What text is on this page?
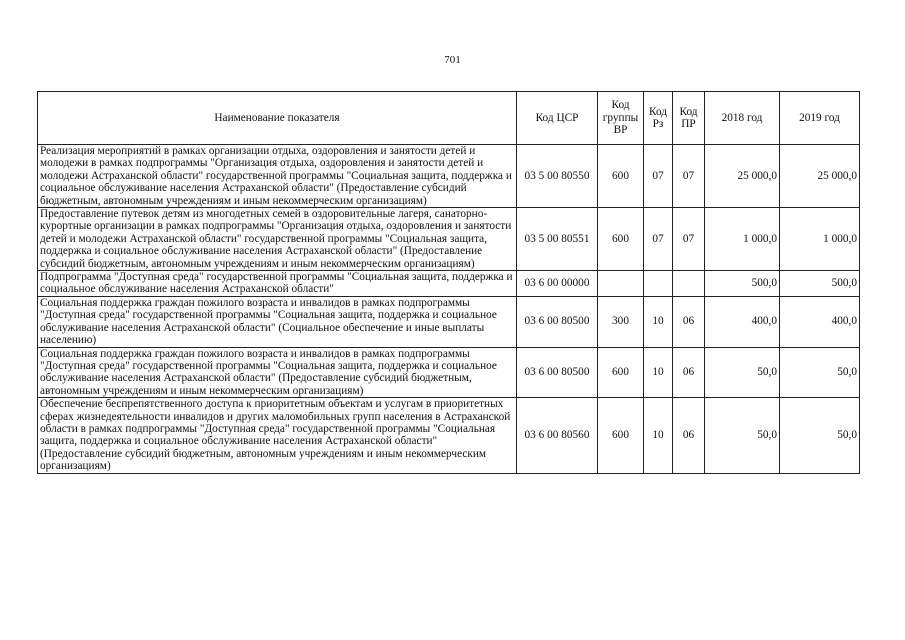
701
Наименование показателя	Код ЦСР	Код группы ВР	Код Рз	Код ПР	2018 год	2019 год
Реализация мероприятий в рамках организации отдыха, оздоровления и занятости детей и молодежи в рамках подпрограммы "Организация отдыха, оздоровления и занятости детей и молодежи Астраханской области" государственной программы "Социальная защита, поддержка и социальное обслуживание населения Астраханской области" (Предоставление субсидий бюджетным, автономным учреждениям и иным некоммерческим организациям)	03 5 00 80550	600	07	07	25 000,0	25 000,0
Предоставление путевок детям из многодетных семей в оздоровительные лагеря, санаторно-курортные организации в рамках подпрограммы "Организация отдыха, оздоровления и занятости детей и молодежи Астраханской области" государственной программы "Социальная защита, поддержка и социальное обслуживание населения Астраханской области" (Предоставление субсидий бюджетным, автономным учреждениям и иным некоммерческим организациям)	03 5 00 80551	600	07	07	1 000,0	1 000,0
Подпрограмма "Доступная среда" государственной программы "Социальная защита, поддержка и социальное обслуживание населения Астраханской области"	03 6 00 00000				500,0	500,0
Социальная поддержка граждан пожилого возраста и инвалидов в рамках подпрограммы "Доступная среда" государственной программы "Социальная защита, поддержка и социальное обслуживание населения Астраханской области" (Социальное обеспечение и иные выплаты населению)	03 6 00 80500	300	10	06	400,0	400,0
Социальная поддержка граждан пожилого возраста и инвалидов в рамках подпрограммы "Доступная среда" государственной программы "Социальная защита, поддержка и социальное обслуживание населения Астраханской области" (Предоставление субсидий бюджетным, автономным учреждениям и иным некоммерческим организациям)	03 6 00 80500	600	10	06	50,0	50,0
Обеспечение беспрепятственного доступа к приоритетным объектам и услугам в приоритетных сферах жизнедеятельности инвалидов и других маломобильных групп населения в Астраханской области в рамках подпрограммы "Доступная среда" государственной программы "Социальная защита, поддержка и социальное обслуживание населения Астраханской области" (Предоставление субсидий бюджетным, автономным учреждениям и иным некоммерческим организациям)	03 6 00 80560	600	10	06	50,0	50,0
